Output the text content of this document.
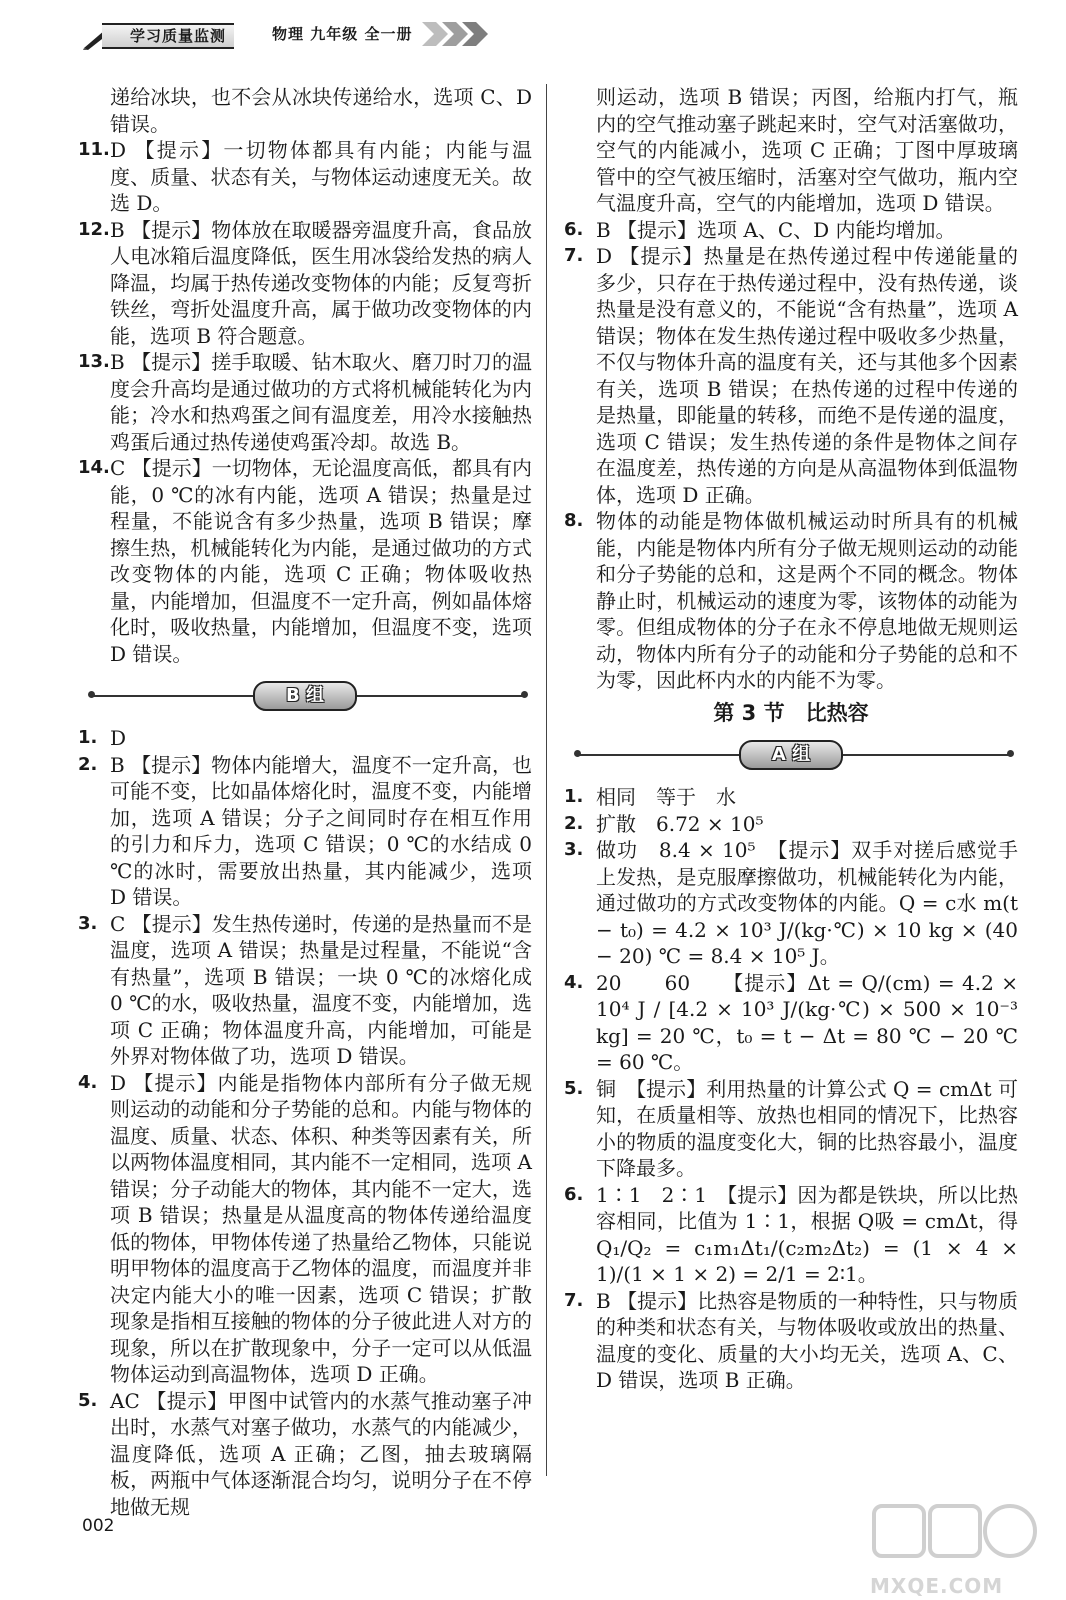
学习质量监测	物理 九年级 全一册

递给冰块，也不会从冰块传递给水，选项 C、D 错误。

11. D 【提示】一切物体都具有内能；内能与温度、质量、状态有关，与物体运动速度无关。故选 D。

12. B 【提示】物体放在取暖器旁温度升高，食品放人电冰箱后温度降低，医生用冰袋给发热的病人降温，均属于热传递改变物体的内能；反复弯折铁丝，弯折处温度升高，属于做功改变物体的内能，选项 B 符合题意。

13. B 【提示】搓手取暖、钻木取火、磨刀时刀的温度会升高均是通过做功的方式将机械能转化为内能；冷水和热鸡蛋之间有温度差，用冷水接触热鸡蛋后通过热传递使鸡蛋冷却。故选 B。

14. C 【提示】一切物体，无论温度高低，都具有内能，0 ℃的冰有内能，选项 A 错误；热量是过程量，不能说含有多少热量，选项 B 错误；摩擦生热，机械能转化为内能，是通过做功的方式改变物体的内能，选项 C 正确；物体吸收热量，内能增加，但温度不一定升高，例如晶体熔化时，吸收热量，内能增加，但温度不变，选项 D 错误。

B 组

1. D

2. B 【提示】物体内能增大，温度不一定升高，也可能不变，比如晶体熔化时，温度不变，内能增加，选项 A 错误；分子之间同时存在相互作用的引力和斥力，选项 C 错误；0 ℃的水结成 0 ℃的冰时，需要放出热量，其内能减少，选项 D 错误。

3. C 【提示】发生热传递时，传递的是热量而不是温度，选项 A 错误；热量是过程量，不能说“含有热量”，选项 B 错误；一块 0 ℃的冰熔化成 0 ℃的水，吸收热量，温度不变，内能增加，选项 C 正确；物体温度升高，内能增加，可能是外界对物体做了功，选项 D 错误。

4. D 【提示】内能是指物体内部所有分子做无规则运动的动能和分子势能的总和。内能与物体的温度、质量、状态、体积、种类等因素有关，所以两物体温度相同，其内能不一定相同，选项 A 错误；分子动能大的物体，其内能不一定大，选项 B 错误；热量是从温度高的物体传递给温度低的物体，甲物体传递了热量给乙物体，只能说明甲物体的温度高于乙物体的温度，而温度并非决定内能大小的唯一因素，选项 C 错误；扩散现象是指相互接触的物体的分子彼此进人对方的现象，所以在扩散现象中，分子一定可以从低温物体运动到高温物体，选项 D 正确。

5. AC 【提示】甲图中试管内的水蒸气推动塞子冲出时，水蒸气对塞子做功，水蒸气的内能减少，温度降低，选项 A 正确；乙图，抽去玻璃隔板，两瓶中气体逐渐混合均匀，说明分子在不停地做无规

则运动，选项 B 错误；丙图，给瓶内打气，瓶内的空气推动塞子跳起来时，空气对活塞做功，空气的内能减小，选项 C 正确；丁图中厚玻璃管中的空气被压缩时，活塞对空气做功，瓶内空气温度升高，空气的内能增加，选项 D 错误。

6. B 【提示】选项 A、C、D 内能均增加。

7. D 【提示】热量是在热传递过程中传递能量的多少，只存在于热传递过程中，没有热传递，谈热量是没有意义的，不能说“含有热量”，选项 A 错误；物体在发生热传递过程中吸收多少热量，不仅与物体升高的温度有关，还与其他多个因素有关，选项 B 错误；在热传递的过程中传递的是热量，即能量的转移，而绝不是传递的温度，选项 C 错误；发生热传递的条件是物体之间存在温度差，热传递的方向是从高温物体到低温物体，选项 D 正确。

8. 物体的动能是物体做机械运动时所具有的机械能，内能是物体内所有分子做无规则运动的动能和分子势能的总和，这是两个不同的概念。物体静止时，机械运动的速度为零，该物体的动能为零。但组成物体的分子在永不停息地做无规则运动，物体内所有分子的动能和分子势能的总和不为零，因此杯内水的内能不为零。

第 3 节　比热容
A 组

1. 相同　等于　水

2. 扩散　6.72 × 10⁵

3. 做功　8.4 × 10⁵　【提示】双手对搓后感觉手上发热，是克服摩擦做功，机械能转化为内能，通过做功的方式改变物体的内能。Q = c水 m(t − t₀) = 4.2 × 10³ J/(kg·℃) × 10 kg × (40 − 20) ℃ = 8.4 × 10⁵ J。

4. 20　　60　　【提示】Δt = Q/(cm) = 4.2 × 10⁴ J / [4.2 × 10³ J/(kg·℃) × 500 × 10⁻³ kg] = 20 ℃，t₀ = t − Δt = 80 ℃ − 20 ℃ = 60 ℃。

5. 铜　【提示】利用热量的计算公式 Q = cmΔt 可知，在质量相等、放热也相同的情况下，比热容小的物质的温度变化大，铜的比热容最小，温度下降最多。

6. 1∶1　2∶1　【提示】因为都是铁块，所以比热容相同，比值为 1∶1，根据 Q吸 = cmΔt，得 Q₁/Q₂ = c₁m₁Δt₁/(c₂m₂Δt₂) = (1 × 4 × 1)/(1 × 1 × 2) = 2/1 = 2∶1。

7. B 【提示】比热容是物质的一种特性，只与物质的种类和状态有关，与物体吸收或放出的热量、温度的变化、质量的大小均无关，选项 A、C、D 错误，选项 B 正确。

002
MXQE.COM
